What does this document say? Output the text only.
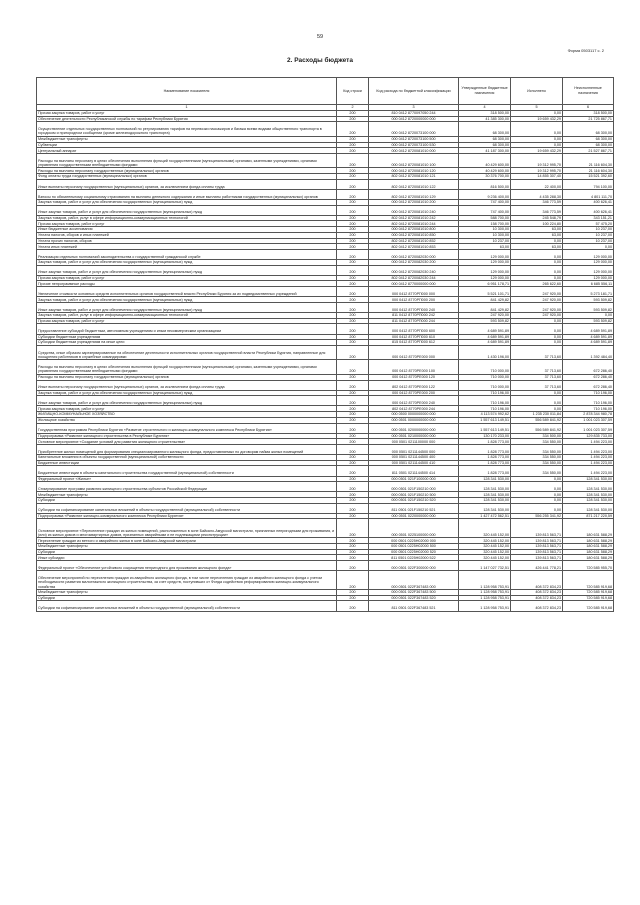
59
Форма 0503117 с. 2
2. Расходы бюджета
Наименование показателя	Код строки	Код расхода по бюджетной классификации	Утвержденные бюджетные назначения	Исполнено	Неисполненные назначения
1	2	3	4	5	6
Прочая закупка товаров, работ и услуг	200	810 0412 8770097050 244	318 500,00	0,00	318 500,00
Обеспечение деятельности Республиканской службы по тарифам Республики Бурятия	200	000 0412 8720000000 000	41 385 300,00	19 659 432,29	21 725 867,71
Осуществление отдельных государственных полномочий по регулированию тарифов на перевозки пассажиров и багажа всеми видами общественного транспорта в городском и пригородном сообщении (кроме железнодорожного транспорта)	200	000 0412 8720073100 000	68 300,00	0,00	68 300,00
Межбюджетные трансферты	200	000 0412 8720073100 500	68 300,00	0,00	68 300,00
Субвенции	200	000 0412 8720073100 530	68 300,00	0,00	68 300,00
Центральный аппарат	200	000 0412 8720081010 000	41 187 300,00	19 659 432,29	21 527 867,71
Расходы на выплаты персоналу в целях обеспечения выполнения функций государственными (муниципальными) органами, казенными учреждениями, органами управления государственными внебюджетными фондами	200	000 0412 8720081010 100	40 429 600,00	19 312 995,70	21 116 604,30
Расходы на выплаты персоналу государственных (муниципальных) органов	200	000 0412 8720081010 120	40 429 600,00	19 312 995,70	21 116 604,30
Фонд оплаты труда государственных (муниципальных) органов	200	802 0412 8720081010 121	30 376 700,00	14 855 307,40	15 521 392,60
Иные выплаты персоналу государственных (муниципальных) органов, за исключением фонда оплаты труда	200	802 0412 8720081010 122	816 500,00	22 400,00	794 100,00
Взносы по обязательному социальному страхованию на выплаты денежного содержания и иные выплаты работникам государственных (муниципальных) органов	200	802 0412 8720081010 129	9 236 400,00	4 435 288,30	4 801 111,70
Закупка товаров, работ и услуг для обеспечения государственных (муниципальных) нужд	200	000 0412 8720081010 200	747 400,00	346 773,59	400 626,41
Иные закупки товаров, работ и услуг для обеспечения государственных (муниципальных) нужд	200	000 0412 8720081010 240	747 400,00	346 773,59	400 626,41
Закупка товаров, работ, услуг в сфере информационно-коммуникационных технологий	200	802 0412 8720081010 242	588 700,00	245 548,79	343 151,21
Прочая закупка товаров, работ и услуг	200	802 0412 8720081010 244	158 700,00	100 224,80	57 475,20
Иные бюджетные ассигнования	200	000 0412 8720081010 800	10 300,00	63,00	10 237,00
Уплата налогов, сборов и иных платежей	200	000 0412 8720081010 850	10 300,00	63,00	10 237,00
Уплата прочих налогов, сборов	200	802 0412 8720081010 852	10 237,00	0,00	10 237,00
Уплата иных платежей	200	802 0412 8720081010 853	63,00	63,00	0,00
Реализация отдельных полномочий законодательства о государственной гражданской службе	200	000 0412 8720082030 000	129 000,00	0,00	129 000,00
Закупка товаров, работ и услуг для обеспечения государственных (муниципальных) нужд	200	000 0412 8720082030 200	129 000,00	0,00	129 000,00
Иные закупки товаров, работ и услуг для обеспечения государственных (муниципальных) нужд	200	000 0412 8720082030 240	129 000,00	0,00	129 000,00
Прочая закупка товаров, работ и услуг	200	802 0412 8720082030 244	129 000,00	0,00	129 000,00
Прочие непрограммные расходы	200	000 0412 8770000000 000	6 951 178,71	265 622,60	6 685 556,11
Увеличение стоимости основных средств исполнительных органов государственной власти Республики Бурятия за их подведомственных учреждений	200	000 0412 8770РП000 000	5 521 101,71	247 920,00	5 273 181,71
Закупка товаров, работ и услуг для обеспечения государственных (муниципальных) нужд	200	000 0412 8770РП000 200	841 429,82	247 920,00	593 509,82
Иные закупки товаров, работ и услуг для обеспечения государственных (муниципальных) нужд	200	000 0412 8770РП000 240	841 429,82	247 920,00	593 509,82
Закупка товаров, работ, услуг в сфере информационно-коммуникационных технологий	200	811 0412 8770РП000 242	247 920,00	247 920,00	0,00
Прочая закупка товаров, работ и услуг	200	811 0412 8770РП000 244	593 509,82	0,00	593 509,82
Предоставление субсидий бюджетным, автономным учреждениям и иным некоммерческим организациям	200	000 0412 8770РП000 600	4 689 591,89	0,00	4 689 591,89
Субсидии бюджетным учреждениям	200	000 0412 8770РП000 610	4 689 591,89	0,00	4 689 591,89
Субсидии бюджетным учреждениям на иные цели	200	815 0412 8770РП000 612	4 689 591,89	0,00	4 689 591,89
Средства, иные образом зарезервированные на обеспечение деятельности исполнительных органов государственной власти Республики Бурятия, направленные для поощрения работников в служебные командировки	200	000 0412 8770РЕ000 000	1 430 196,00	37 713,60	1 392 484,40
Расходы на выплаты персоналу в целях обеспечения выполнения функций государственными (муниципальными) органами, казенными учреждениями, органами управления государственными внебюджетными фондами	200	000 0412 8770РЕ000 100	710 000,00	37 713,60	672 286,40
Расходы на выплаты персоналу государственных (муниципальных) органов	200	000 0412 8770РЕ000 120	710 000,00	37 713,60	672 286,40
Иные выплаты персоналу государственных (муниципальных) органов, за исключением фонда оплаты труда	200	802 0412 8770РЕ000 122	710 000,00	37 713,60	672 286,40
Закупка товаров, работ и услуг для обеспечения государственных (муниципальных) нужд	200	000 0412 8770РЕ000 200	710 196,00	0,00	710 196,00
Иные закупки товаров, работ и услуг для обеспечения государственных (муниципальных) нужд	200	000 0412 8770РЕ000 240	710 196,00	0,00	710 196,00
Прочая закупка товаров, работ и услуг	200	802 0412 8770РЕ000 244	710 196,00	0,00	710 196,00
ЖИЛИЩНО-КОММУНАЛЬНОЕ ХОЗЯЙСТВО	200	000 0500 0000000000 000	4 113 574 992,62	1 235 230 011,84	2 878 344 980,78
Жилищное хозяйство	200	000 0501 0000000000 000	1 557 613 149,51	556 589 841,92	1 001 023 307,59
Государственная программа Республики Бурятия «Развитие строительного и жилищно-коммунального комплекса Республики Бурятия»	200	000 0501 0200000000 000	1 557 613 149,51	556 589 841,92	1 001 023 307,59
Подпрограмма «Развитие жилищного строительства в Республике Бурятия»	200	000 0501 0210000000 000	130 170 233,00	334 500,00	129 835 733,00
Основное мероприятие «Создание условий для развития жилищного строительства»	200	000 0501 0211100000 000	1 828 773,00	334 550,00	1 494 223,00
Приобретение жилых помещений для формирования специализированного жилищного фонда, предоставляемых по договорам найма жилых помещений	200	000 0501 0211144500 000	1 828 773,00	334 550,00	1 494 223,00
Капитальные вложения в объекты государственной (муниципальной) собственности	200	000 0501 0211144500 400	1 828 773,00	334 550,00	1 494 223,00
Бюджетные инвестиции	200	000 0501 0211144500 410	1 828 773,00	334 550,00	1 494 223,00
Бюджетные инвестиции в объекты капитального строительства государственной (муниципальной) собственности	200	811 0501 0211144500 414	1 828 773,00	334 550,00	1 494 223,00
Федеральный проект «Жилье»	200	000 0501 021F100000 000	128 341 530,00	0,00	128 341 530,00
Стимулирование программ развития жилищного строительства субъектов Российской Федерации	200	000 0501 021F150210 000	128 341 530,00	0,00	128 341 530,00
Межбюджетные трансферты	200	000 0501 021F150210 500	128 341 530,00	0,00	128 341 530,00
Субсидии	200	000 0501 021F150210 520	128 341 530,00	0,00	128 341 530,00
Субсидии на софинансирование капитальных вложений в объекты государственной (муниципальной) собственности	200	811 0501 021F150210 521	128 341 530,00	0,00	128 341 530,00
Подпрограмма «Развитие жилищно-коммунального комплекса Республики Бурятия»	200	000 0501 0220000000 000	1 427 472 562,51	556 255 341,92	871 217 220,59
Основное мероприятие «Переселение граждан из жилых помещений, расположенных в зоне Байкало-Амурской магистрали, признанных непригодными для проживания, и (или) из жилых домов и многоквартирных домов, признанных аварийными и не подлежащими реконструкции»	200	000 0501 0225100000 000	320 445 152,00	139 813 563,71	180 631 588,29
Переселение граждан из ветхого и аварийного жилья в зоне Байкало-Амурской магистрали	200	000 0501 0225Н02000 000	320 445 152,00	139 813 563,71	180 631 588,29
Межбюджетные трансферты	200	000 0501 0225Н02000 500	320 445 152,00	139 813 563,71	180 631 588,29
Субсидии	200	000 0501 0225Н02000 520	320 445 152,00	139 813 563,71	180 631 588,29
Иные субсидии	200	811 0501 0225Н02000 522	320 445 152,00	139 813 563,71	180 631 588,29
Федеральный проект «Обеспечение устойчивого сокращения непригодного для проживания жилищного фонда»	200	000 0501 022F300000 000	1 147 027 732,51	426 441 778,21	720 585 955,70
Обеспечение мероприятий по переселению граждан из аварийного жилищного фонда, в том числе переселению граждан из аварийного жилищного фонда с учетом необходимости развития малоэтажного жилищного строительства, за счет средств, поступивших от Фонда содействия реформированию жилищно-коммунального хозяйства	200	000 0501 022F367483 000	1 128 958 753,91	408 372 834,23	720 585 919,68
Межбюджетные трансферты	200	000 0501 022F367483 500	1 128 958 753,91	408 372 834,23	720 585 919,68
Субсидии	200	000 0501 022F367483 520	1 128 958 753,91	408 372 834,23	720 585 919,68
Субсидии на софинансирование капитальных вложений в объекты государственной (муниципальной) собственности	200	811 0501 022F367483 521	1 128 958 753,91	408 372 834,23	720 585 919,68
